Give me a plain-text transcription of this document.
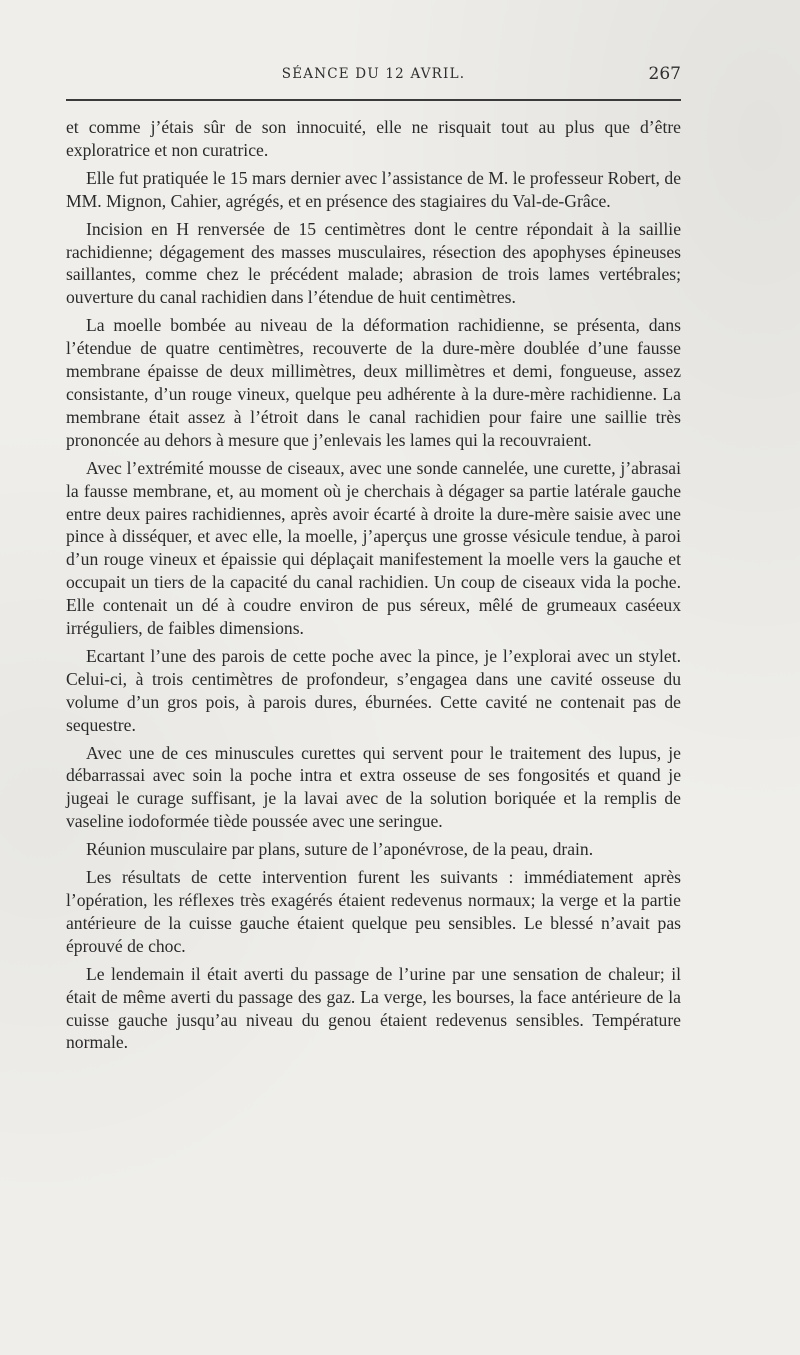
SÉANCE DU 12 AVRIL.	267

et comme j’étais sûr de son innocuité, elle ne risquait tout au plus que d’être exploratrice et non curatrice.

Elle fut pratiquée le 15 mars dernier avec l’assistance de M. le professeur Robert, de MM. Mignon, Cahier, agrégés, et en présence des stagiaires du Val-de-Grâce.

Incision en H renversée de 15 centimètres dont le centre répondait à la saillie rachidienne; dégagement des masses musculaires, résection des apophyses épineuses saillantes, comme chez le précédent malade; abrasion de trois lames vertébrales; ouverture du canal rachidien dans l’étendue de huit centimètres.

La moelle bombée au niveau de la déformation rachidienne, se présenta, dans l’étendue de quatre centimètres, recouverte de la dure-mère doublée d’une fausse membrane épaisse de deux millimètres, deux millimètres et demi, fongueuse, assez consistante, d’un rouge vineux, quelque peu adhérente à la dure-mère rachidienne. La membrane était assez à l’étroit dans le canal rachidien pour faire une saillie très prononcée au dehors à mesure que j’enlevais les lames qui la recouvraient.

Avec l’extrémité mousse de ciseaux, avec une sonde cannelée, une curette, j’abrasai la fausse membrane, et, au moment où je cherchais à dégager sa partie latérale gauche entre deux paires rachidiennes, après avoir écarté à droite la dure-mère saisie avec une pince à disséquer, et avec elle, la moelle, j’aperçus une grosse vésicule tendue, à paroi d’un rouge vineux et épaissie qui déplaçait manifestement la moelle vers la gauche et occupait un tiers de la capacité du canal rachidien. Un coup de ciseaux vida la poche. Elle contenait un dé à coudre environ de pus séreux, mêlé de grumeaux caséeux irréguliers, de faibles dimensions.

Ecartant l’une des parois de cette poche avec la pince, je l’explorai avec un stylet. Celui-ci, à trois centimètres de profondeur, s’engagea dans une cavité osseuse du volume d’un gros pois, à parois dures, éburnées. Cette cavité ne contenait pas de sequestre.

Avec une de ces minuscules curettes qui servent pour le traitement des lupus, je débarrassai avec soin la poche intra et extra osseuse de ses fongosités et quand je jugeai le curage suffisant, je la lavai avec de la solution boriquée et la remplis de vaseline iodoformée tiède poussée avec une seringue.

Réunion musculaire par plans, suture de l’aponévrose, de la peau, drain.

Les résultats de cette intervention furent les suivants : immédiatement après l’opération, les réflexes très exagérés étaient redevenus normaux; la verge et la partie antérieure de la cuisse gauche étaient quelque peu sensibles. Le blessé n’avait pas éprouvé de choc.

Le lendemain il était averti du passage de l’urine par une sensation de chaleur; il était de même averti du passage des gaz. La verge, les bourses, la face antérieure de la cuisse gauche jusqu’au niveau du genou étaient redevenus sensibles. Température normale.
